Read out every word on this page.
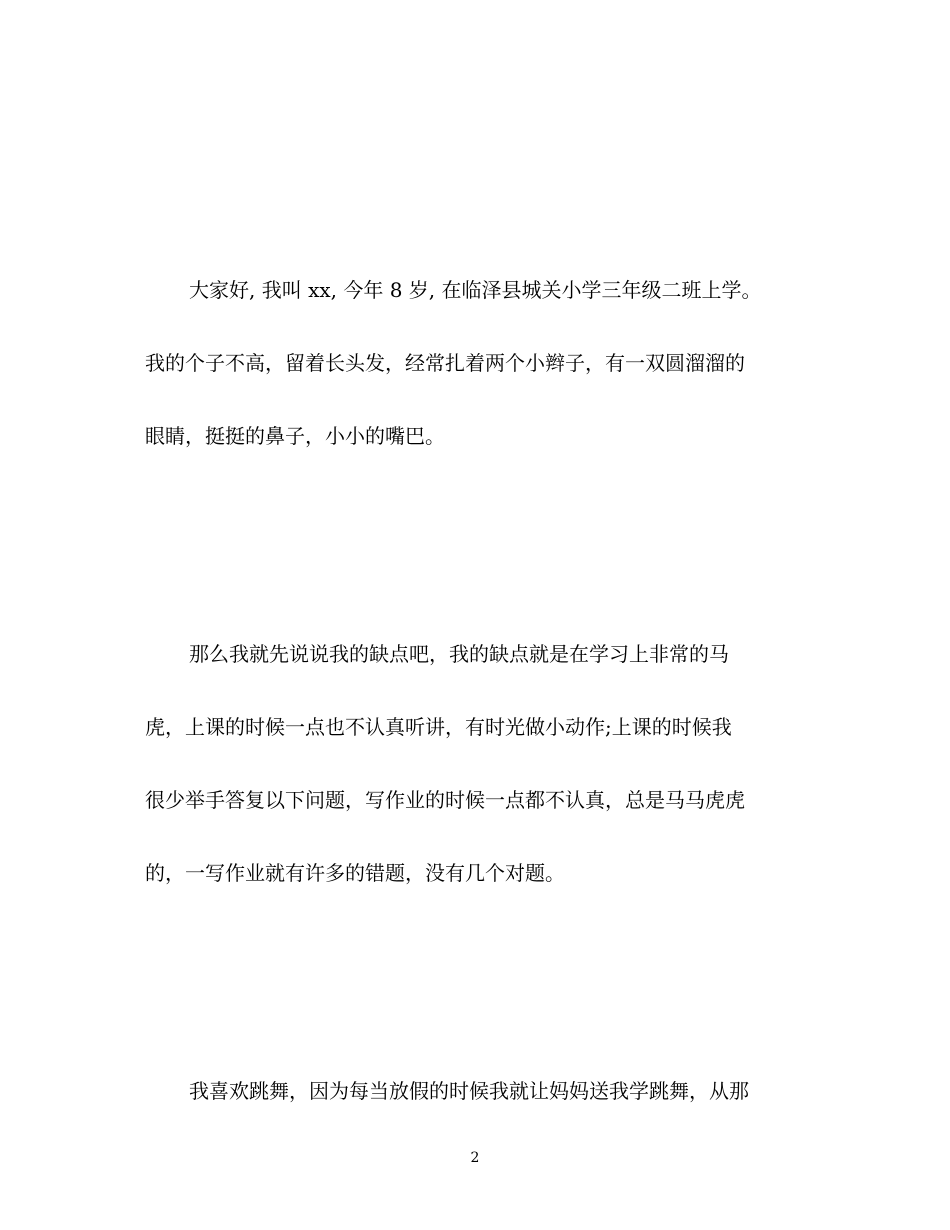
大家好, 我叫 xx, 今年 8 岁, 在临泽县城关小学三年级二班上学。
我的个子不高，留着长头发，经常扎着两个小辫子，有一双圆溜溜的
眼睛，挺挺的鼻子，小小的嘴巴。
那么我就先说说我的缺点吧，我的缺点就是在学习上非常的马
虎，上课的时候一点也不认真听讲，有时光做小动作;上课的时候我
很少举手答复以下问题，写作业的时候一点都不认真，总是马马虎虎
的，一写作业就有许多的错题，没有几个对题。
我喜欢跳舞，因为每当放假的时候我就让妈妈送我学跳舞，从那
2
